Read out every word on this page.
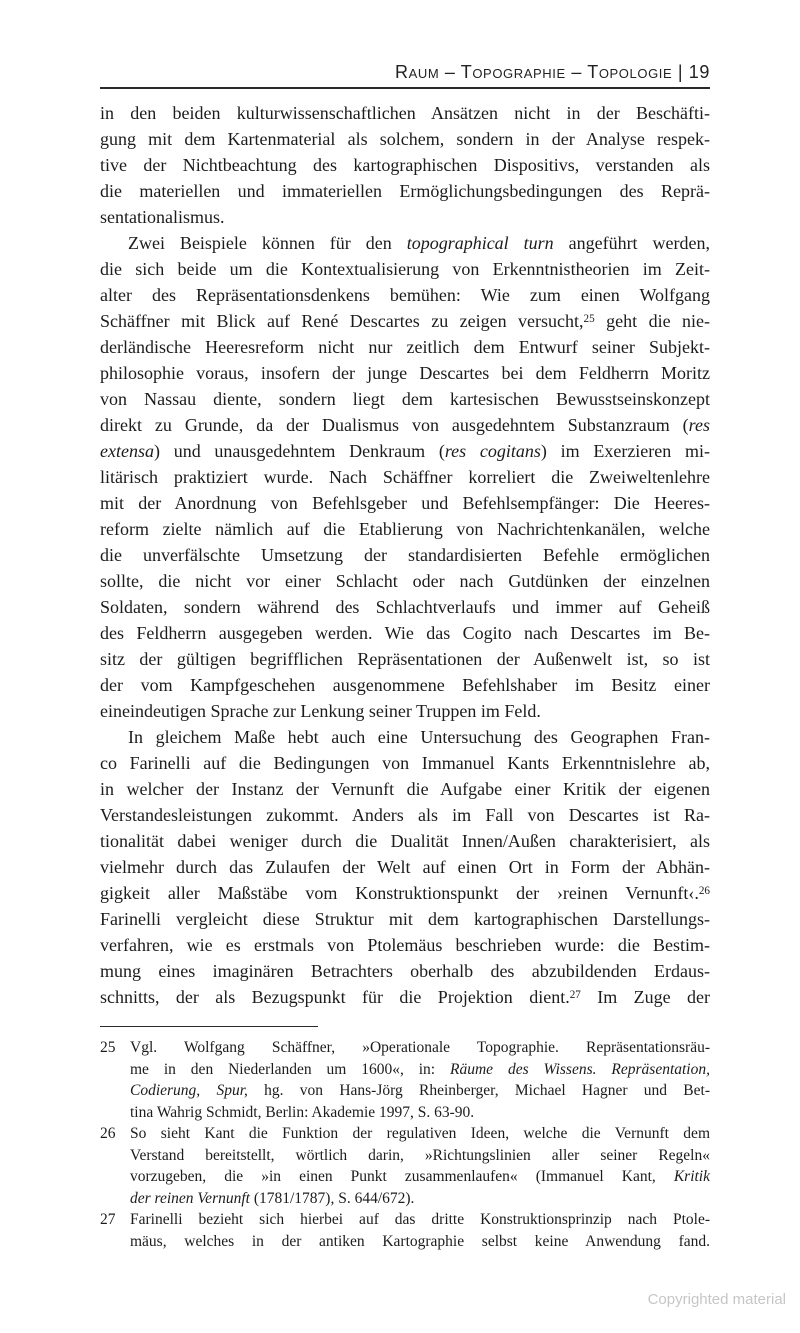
Raum – Topographie – Topologie | 19
in den beiden kulturwissenschaftlichen Ansätzen nicht in der Beschäfti-
gung mit dem Kartenmaterial als solchem, sondern in der Analyse respek-
tive der Nichtbeachtung des kartographischen Dispositivs, verstanden als
die materiellen und immateriellen Ermöglichungsbedingungen des Reprä-
sentationalismus.
Zwei Beispiele können für den topographical turn angeführt werden,
die sich beide um die Kontextualisierung von Erkenntnistheorien im Zeit-
alter des Repräsentationsdenkens bemühen: Wie zum einen Wolfgang
Schäffner mit Blick auf René Descartes zu zeigen versucht,$^{25}$ geht die nie-
derländische Heeresreform nicht nur zeitlich dem Entwurf seiner Subjekt-
philosophie voraus, insofern der junge Descartes bei dem Feldherrn Moritz
von Nassau diente, sondern liegt dem kartesischen Bewusstseinskonzept
direkt zu Grunde, da der Dualismus von ausgedehntem Substanzraum (res
extensa) und unausgedehntem Denkraum (res cogitans) im Exerzieren mi-
litärisch praktiziert wurde. Nach Schäffner korreliert die Zweiweltenlehre
mit der Anordnung von Befehlsgeber und Befehlsempfänger: Die Heeres-
reform zielte nämlich auf die Etablierung von Nachrichtenkanälen, welche
die unverfälschte Umsetzung der standardisierten Befehle ermöglichen
sollte, die nicht vor einer Schlacht oder nach Gutdünken der einzelnen
Soldaten, sondern während des Schlachtverlaufs und immer auf Geheiß
des Feldherrn ausgegeben werden. Wie das Cogito nach Descartes im Be-
sitz der gültigen begrifflichen Repräsentationen der Außenwelt ist, so ist
der vom Kampfgeschehen ausgenommene Befehlshaber im Besitz einer
eineindeutigen Sprache zur Lenkung seiner Truppen im Feld.
In gleichem Maße hebt auch eine Untersuchung des Geographen Fran-
co Farinelli auf die Bedingungen von Immanuel Kants Erkenntnislehre ab,
in welcher der Instanz der Vernunft die Aufgabe einer Kritik der eigenen
Verstandesleistungen zukommt. Anders als im Fall von Descartes ist Ra-
tionalität dabei weniger durch die Dualität Innen/Außen charakterisiert, als
vielmehr durch das Zulaufen der Welt auf einen Ort in Form der Abhän-
gigkeit aller Maßstäbe vom Konstruktionspunkt der ›reinen Vernunft‹.$^{26}$
Farinelli vergleicht diese Struktur mit dem kartographischen Darstellungs-
verfahren, wie es erstmals von Ptolemäus beschrieben wurde: die Bestim-
mung eines imaginären Betrachters oberhalb des abzubildenden Erdaus-
schnitts, der als Bezugspunkt für die Projektion dient.$^{27}$ Im Zuge der
25 Vgl. Wolfgang Schäffner, »Operationale Topographie. Repräsentationsräu-
me in den Niederlanden um 1600«, in: Räume des Wissens. Repräsentation,
Codierung, Spur, hg. von Hans-Jörg Rheinberger, Michael Hagner und Bet-
tina Wahrig Schmidt, Berlin: Akademie 1997, S. 63-90.
26 So sieht Kant die Funktion der regulativen Ideen, welche die Vernunft dem
Verstand bereitstellt, wörtlich darin, »Richtungslinien aller seiner Regeln«
vorzugeben, die »in einen Punkt zusammenlaufen« (Immanuel Kant, Kritik
der reinen Vernunft (1781/1787), S. 644/672).
27 Farinelli bezieht sich hierbei auf das dritte Konstruktionsprinzip nach Ptole-
mäus, welches in der antiken Kartographie selbst keine Anwendung fand.
Copyrighted material
